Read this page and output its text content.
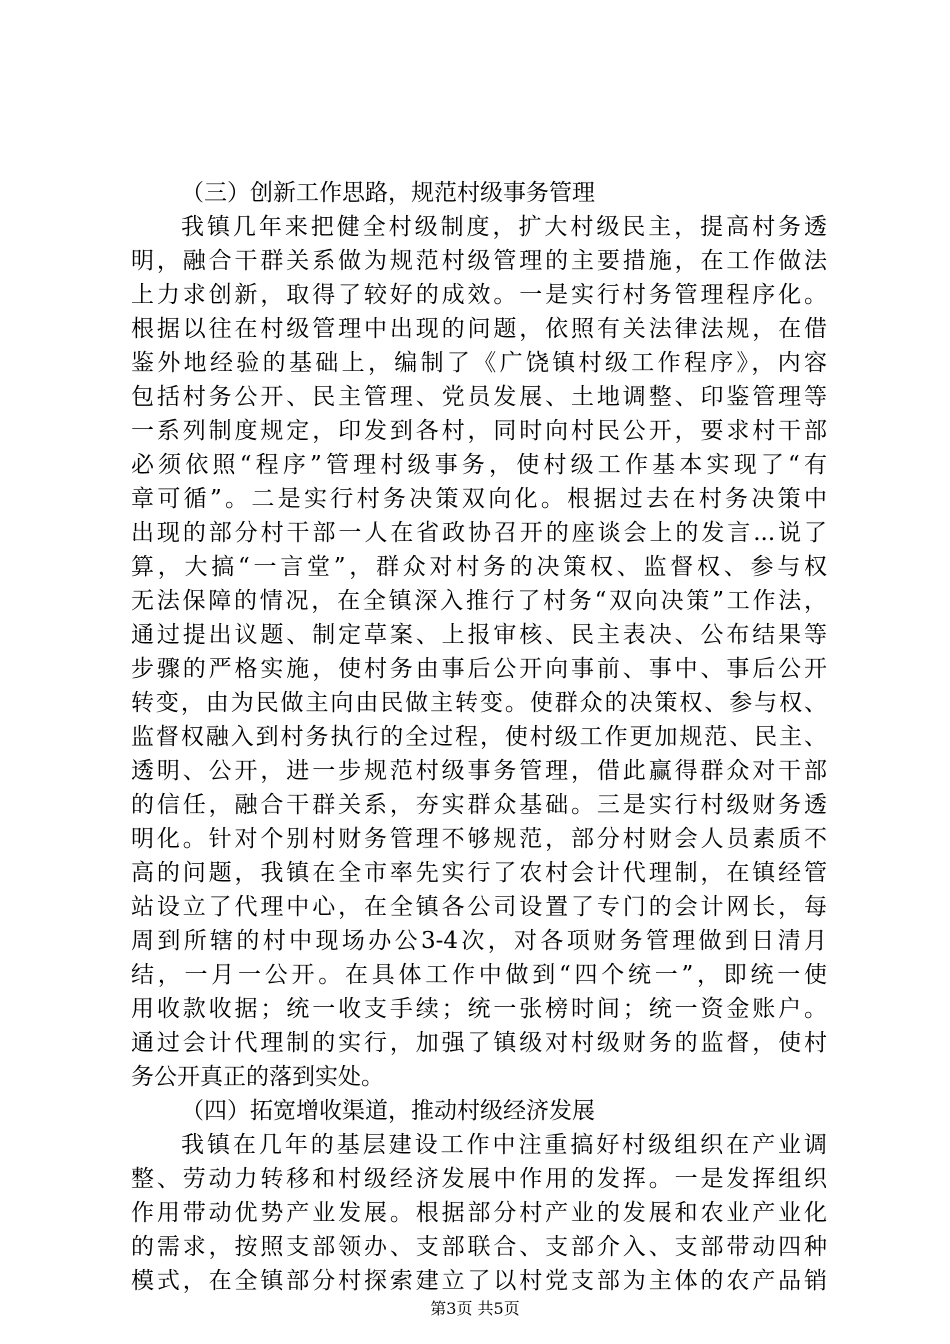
（三）创新工作思路，规范村级事务管理
我镇几年来把健全村级制度，扩大村级民主，提高村务透
明，融合干群关系做为规范村级管理的主要措施，在工作做法
上力求创新，取得了较好的成效。一是实行村务管理程序化。
根据以往在村级管理中出现的问题，依照有关法律法规，在借
鉴外地经验的基础上，编制了《广饶镇村级工作程序》，内容
包括村务公开、民主管理、党员发展、土地调整、印鉴管理等
一系列制度规定，印发到各村，同时向村民公开，要求村干部
必须依照“程序”管理村级事务，使村级工作基本实现了“有
章可循”。二是实行村务决策双向化。根据过去在村务决策中
出现的部分村干部一人在省政协召开的座谈会上的发言...说了
算，大搞“一言堂”，群众对村务的决策权、监督权、参与权
无法保障的情况，在全镇深入推行了村务“双向决策”工作法，
通过提出议题、制定草案、上报审核、民主表决、公布结果等
步骤的严格实施，使村务由事后公开向事前、事中、事后公开
转变，由为民做主向由民做主转变。使群众的决策权、参与权、
监督权融入到村务执行的全过程，使村级工作更加规范、民主、
透明、公开，进一步规范村级事务管理，借此赢得群众对干部
的信任，融合干群关系，夯实群众基础。三是实行村级财务透
明化。针对个别村财务管理不够规范，部分村财会人员素质不
高的问题，我镇在全市率先实行了农村会计代理制，在镇经管
站设立了代理中心，在全镇各公司设置了专门的会计网长，每
周到所辖的村中现场办公3-4次，对各项财务管理做到日清月
结，一月一公开。在具体工作中做到“四个统一”，即统一使
用收款收据；统一收支手续；统一张榜时间；统一资金账户。
通过会计代理制的实行，加强了镇级对村级财务的监督，使村
务公开真正的落到实处。
（四）拓宽增收渠道，推动村级经济发展
我镇在几年的基层建设工作中注重搞好村级组织在产业调
整、劳动力转移和村级经济发展中作用的发挥。一是发挥组织
作用带动优势产业发展。根据部分村产业的发展和农业产业化
的需求，按照支部领办、支部联合、支部介入、支部带动四种
模式，在全镇部分村探索建立了以村党支部为主体的农产品销
第3页 共5页
